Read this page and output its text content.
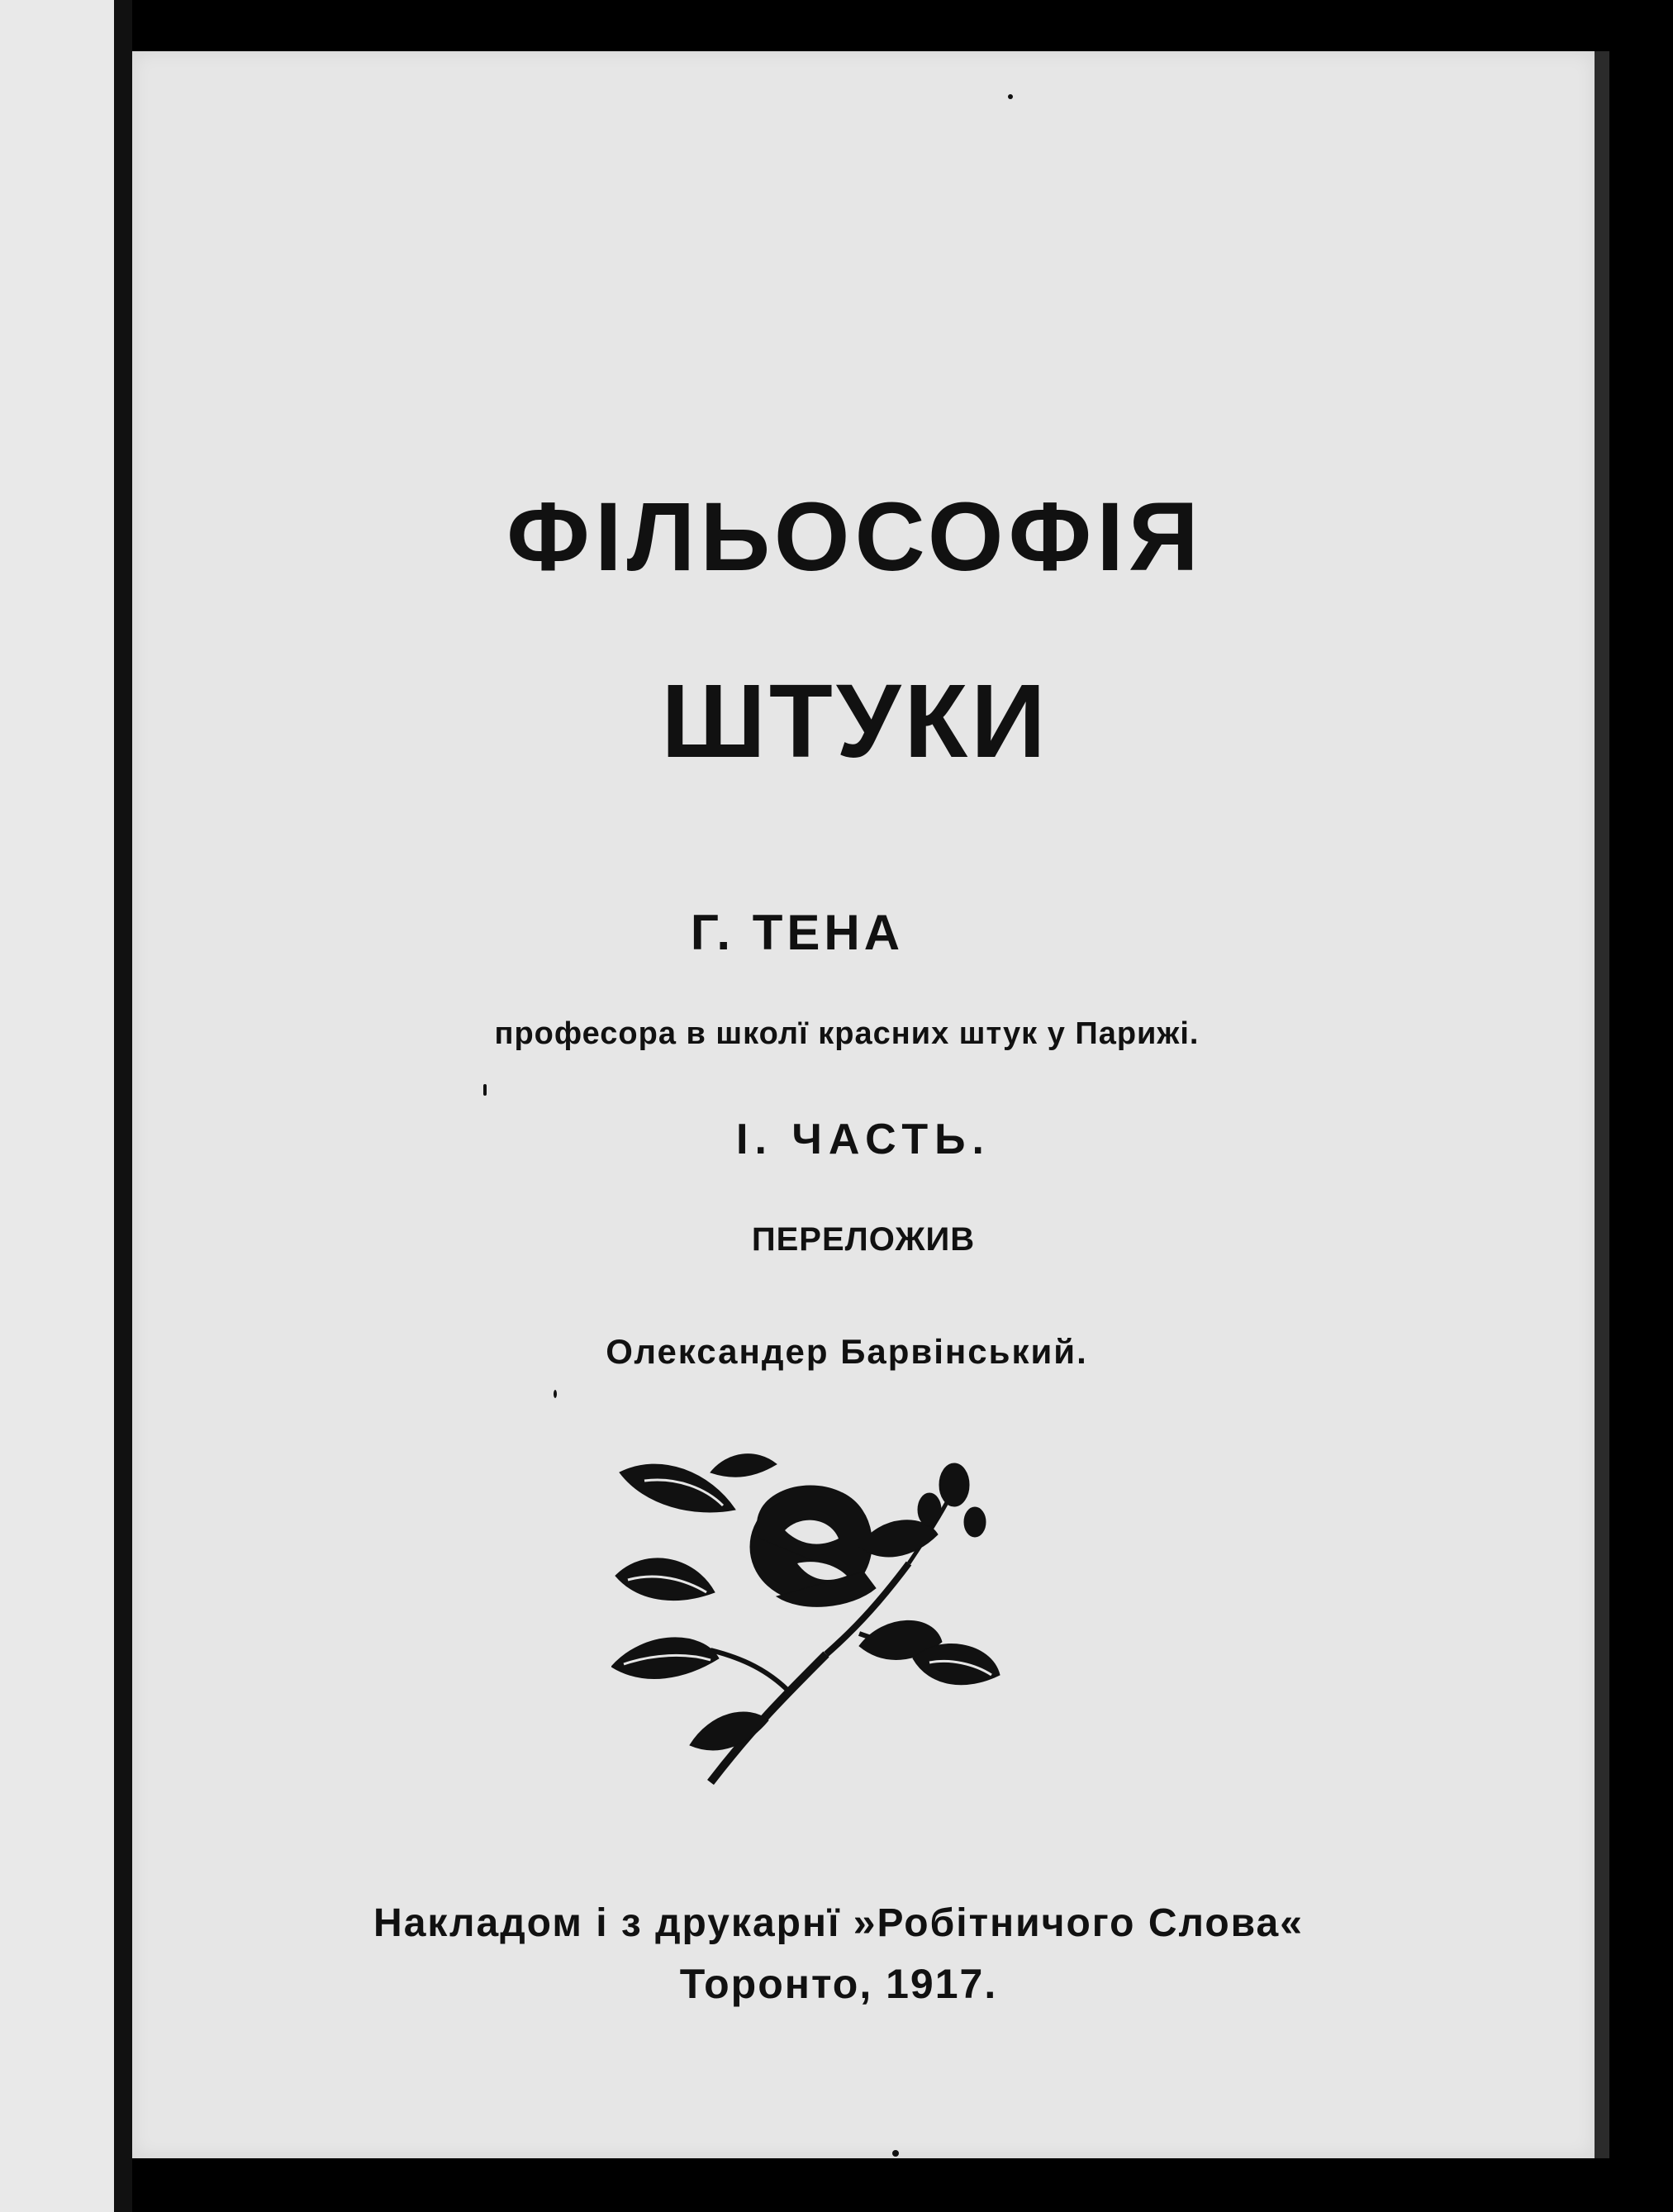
ФІЛЬОСОФІЯ
ШТУКИ
Г. ТЕНА
професора в школї красних штук у Парижі.
І. ЧАСТЬ.
ПЕРЕЛОЖИВ
Олександер Барвінський.
Накладом і з друкарнї »Робітничого Слова«
Торонто, 1917.
